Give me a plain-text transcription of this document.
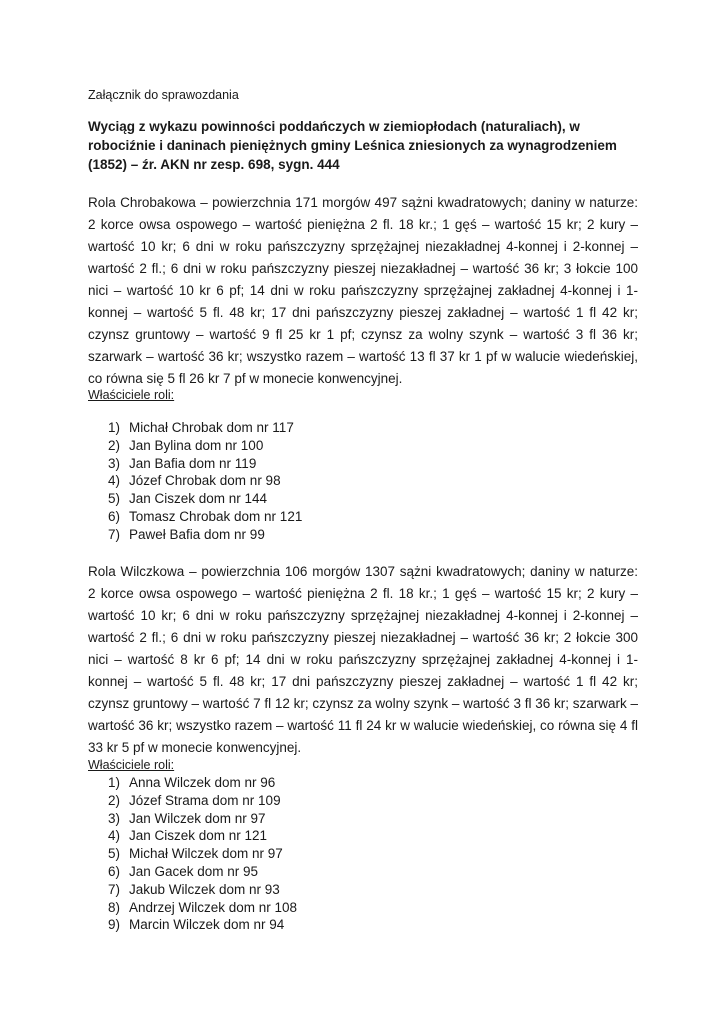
Załącznik do sprawozdania
Wyciąg z wykazu powinności poddańczych w ziemiopłodach (naturaliach), w robociźnie i daninach pieniężnych gminy Leśnica zniesionych za wynagrodzeniem (1852) – źr. AKN nr zesp. 698, sygn. 444
Rola Chrobakowa – powierzchnia 171 morgów 497 sążni kwadratowych; daniny w naturze: 2 korce owsa ospowego – wartość pieniężna 2 fl. 18 kr.; 1 gęś – wartość 15 kr; 2 kury – wartość 10 kr; 6 dni w roku pańszczyzny sprzężajnej niezakładnej 4-konnej i 2-konnej – wartość 2 fl.; 6 dni w roku pańszczyzny pieszej niezakładnej – wartość 36 kr; 3 łokcie 100 nici – wartość 10 kr 6 pf; 14 dni w roku pańszczyzny sprzężajnej zakładnej 4-konnej i 1-konnej – wartość 5 fl. 48 kr; 17 dni pańszczyzny pieszej zakładnej – wartość 1 fl 42 kr; czynsz gruntowy – wartość 9 fl 25 kr 1 pf; czynsz za wolny szynk – wartość 3 fl 36 kr; szarwark – wartość 36 kr; wszystko razem – wartość 13 fl 37 kr 1 pf w walucie wiedeńskiej, co równa się 5 fl 26 kr 7 pf w monecie konwencyjnej.
Właściciele roli:
1) Michał Chrobak dom nr 117
2) Jan Bylina dom nr 100
3) Jan Bafia dom nr 119
4) Józef Chrobak dom nr 98
5) Jan Ciszek dom nr 144
6) Tomasz Chrobak dom nr 121
7) Paweł Bafia dom nr 99
Rola Wilczkowa – powierzchnia 106 morgów 1307 sążni kwadratowych; daniny w naturze: 2 korce owsa ospowego – wartość pieniężna 2 fl. 18 kr.; 1 gęś – wartość 15 kr; 2 kury – wartość 10 kr; 6 dni w roku pańszczyzny sprzężajnej niezakładnej 4-konnej i 2-konnej – wartość 2 fl.; 6 dni w roku pańszczyzny pieszej niezakładnej – wartość 36 kr; 2 łokcie 300 nici – wartość 8 kr 6 pf; 14 dni w roku pańszczyzny sprzężajnej zakładnej 4-konnej i 1-konnej – wartość 5 fl. 48 kr; 17 dni pańszczyzny pieszej zakładnej – wartość 1 fl 42 kr; czynsz gruntowy – wartość 7 fl 12 kr; czynsz za wolny szynk – wartość 3 fl 36 kr; szarwark – wartość 36 kr; wszystko razem – wartość 11 fl 24 kr w walucie wiedeńskiej, co równa się 4 fl 33 kr 5 pf w monecie konwencyjnej.
Właściciele roli:
1) Anna Wilczek dom nr 96
2) Józef Strama dom nr 109
3) Jan Wilczek dom nr 97
4) Jan Ciszek dom nr 121
5) Michał Wilczek dom nr 97
6) Jan Gacek dom nr 95
7) Jakub Wilczek dom nr 93
8) Andrzej Wilczek dom nr 108
9) Marcin Wilczek dom nr 94
